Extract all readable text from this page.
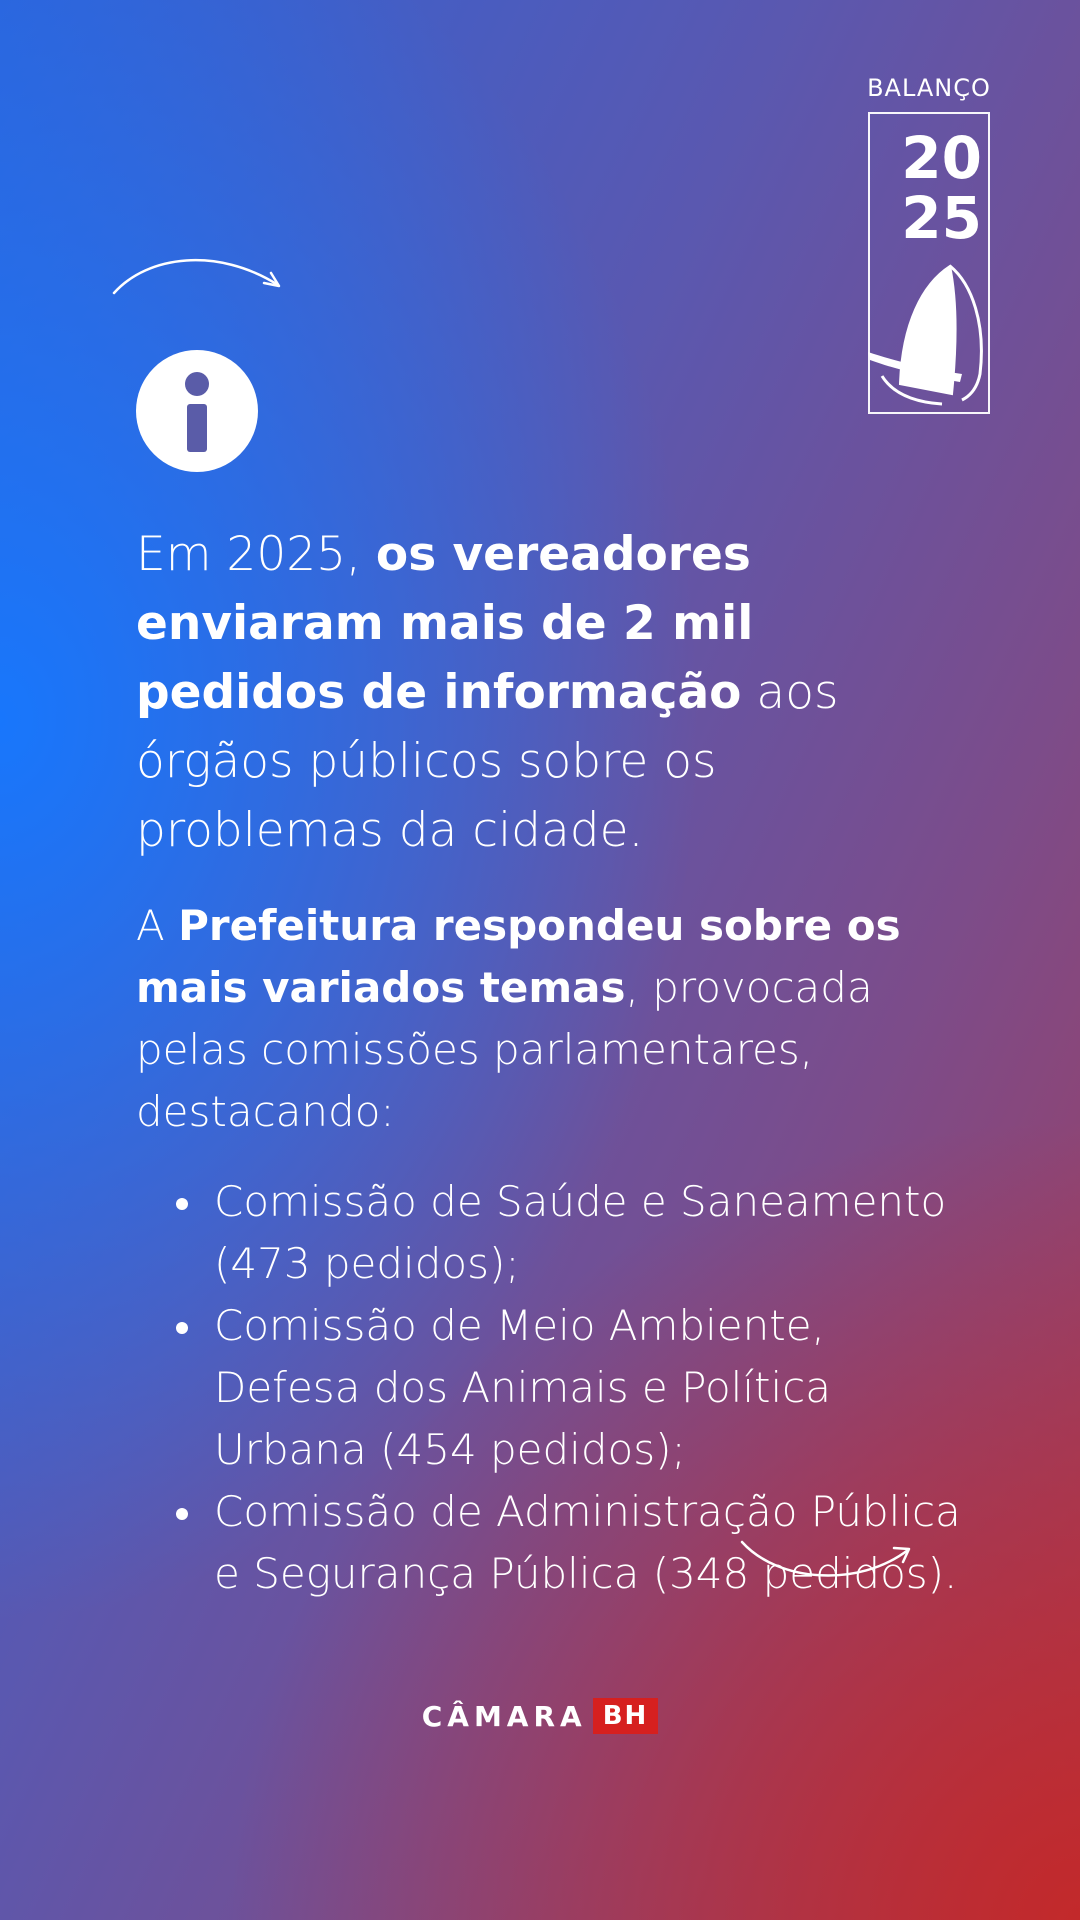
BALANÇO
20
25

Em 2025, os vereadores enviaram mais de 2 mil pedidos de informação aos órgãos públicos sobre os problemas da cidade.

A Prefeitura respondeu sobre os mais variados temas, provocada pelas comissões parlamentares, destacando:

Comissão de Saúde e Saneamento (473 pedidos);
Comissão de Meio Ambiente, Defesa dos Animais e Política Urbana (454 pedidos);
Comissão de Administração Pública e Segurança Pública (348 pedidos).
CÂMARA BH
